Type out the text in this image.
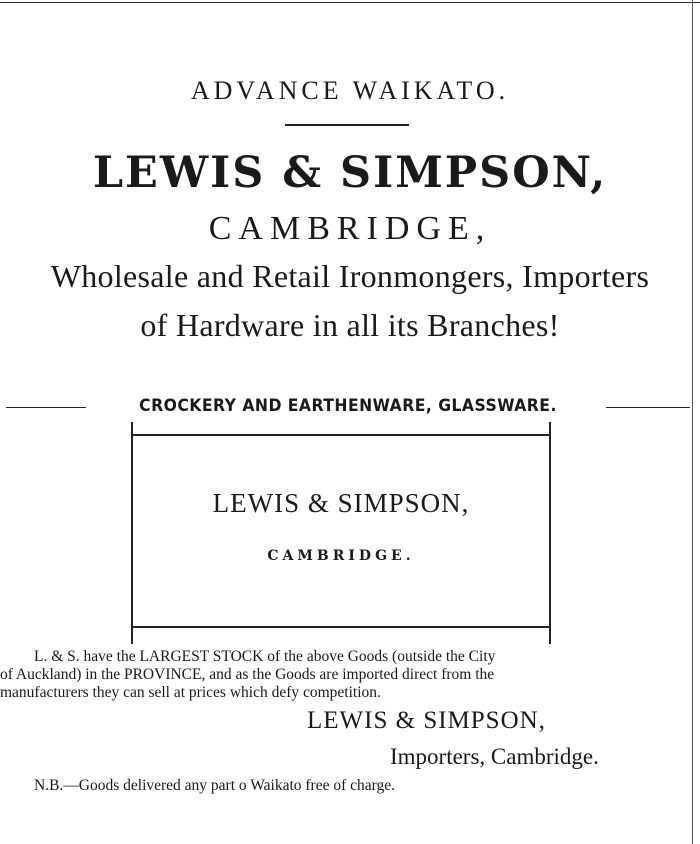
ADVANCE WAIKATO.
LEWIS & SIMPSON,
CAMBRIDGE,
Wholesale and Retail Ironmongers, Importers
of Hardware in all its Branches!
CROCKERY AND EARTHENWARE, GLASSWARE.
LEWIS & SIMPSON,
CAMBRIDGE.
L. & S. have the LARGEST STOCK of the above Goods (outside the City
of Auckland) in the PROVINCE, and as the Goods are imported direct from the
manufacturers they can sell at prices which defy competition.
LEWIS & SIMPSON,
Importers, Cambridge.
N.B.—Goods delivered any part o Waikato free of charge.
